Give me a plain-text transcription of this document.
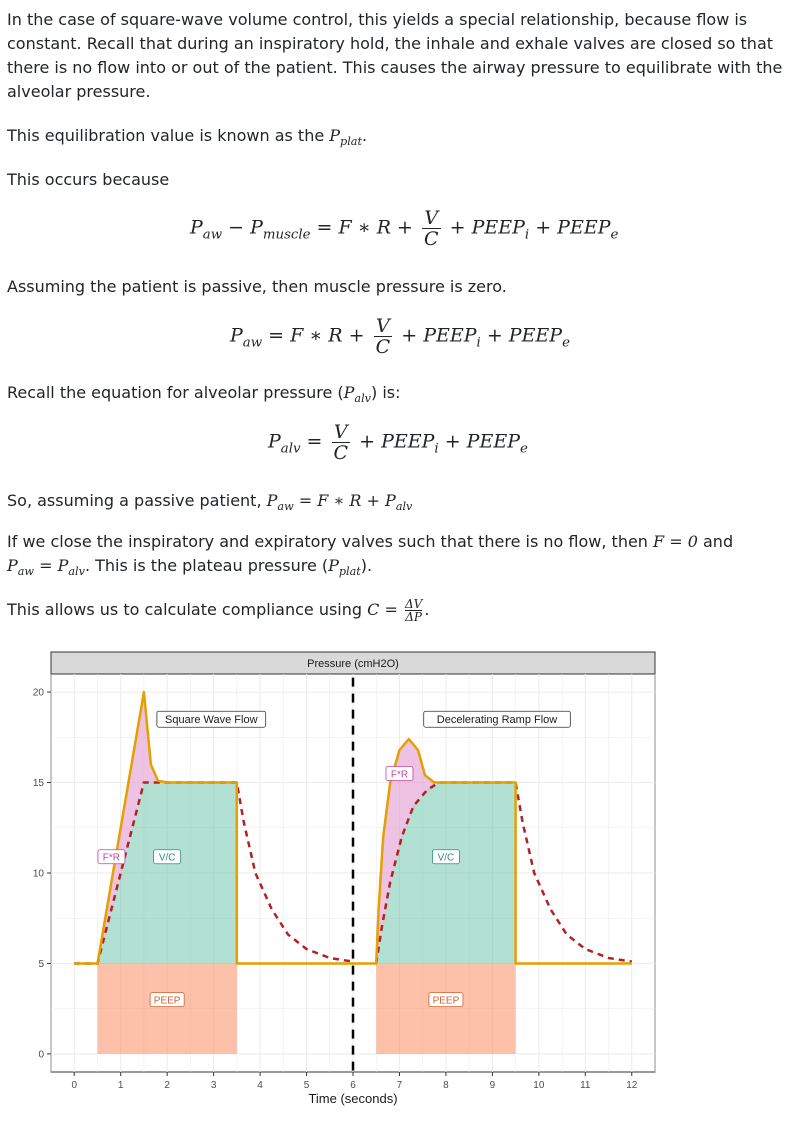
In the case of square-wave volume control, this yields a special relationship, because flow is constant. Recall that during an inspiratory hold, the inhale and exhale valves are closed so that there is no flow into or out of the patient. This causes the airway pressure to equilibrate with the alveolar pressure.

This equilibration value is known as the $P_{plat}$.

This occurs because

$P_{aw} - P_{muscle} = F$ ∗ $R + \frac{V}{C}$ + $PEEP_i$ + $PEEP_e$

Assuming the patient is passive, then muscle pressure is zero.

$P_{aw} = F$ ∗ $R + \frac{V}{C}$ + $PEEP_i$ + $PEEP_e$

Recall the equation for alveolar pressure $(P_{alv})$ is:

$P_{alv} = \frac{V}{C}$ + $PEEP_i$ + $PEEP_e$

So, assuming a passive patient, $P_{aw} = F$ ∗ $R + P_{alv}$

If we close the inspiratory and expiratory valves such that there is no flow, then F = 0 and
$P_{aw} = P_{alv}$. This is the plateau pressure $(P_{plat})$.

This allows us to calculate compliance using $C = \frac{\Delta V}{\Delta P}$ .

Pressure (cmH2O)
F*R	V/C
PEEP
Square Wave Flow
F*R
V/C
PEEP
Decelerating Ramp Flow
0	1	2	3	4	5	6	7	8	9	10	11	12
0
5
10
15
20
Time (seconds)
